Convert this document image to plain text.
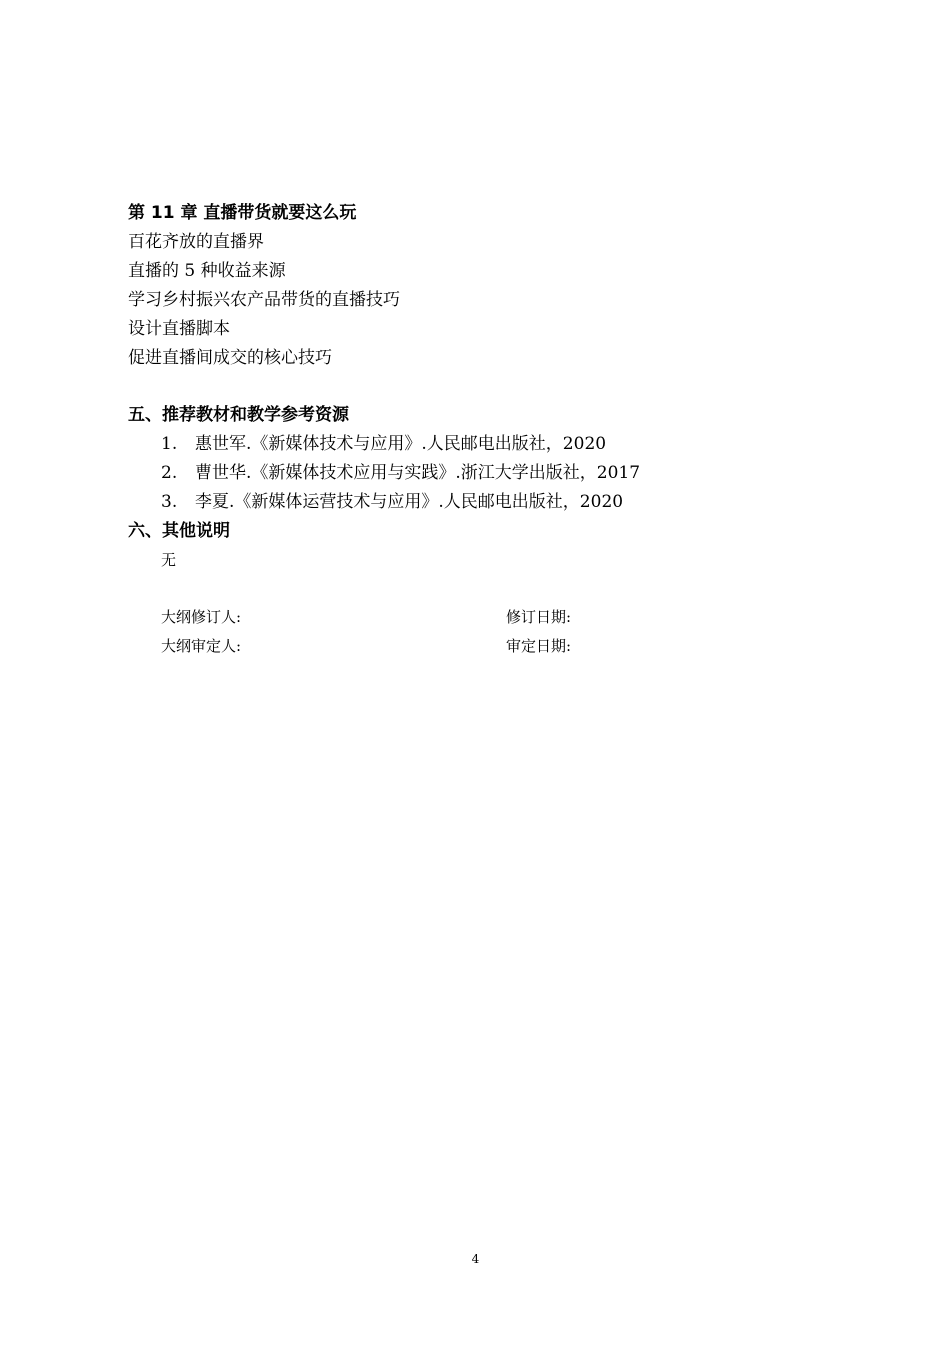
第 11 章 直播带货就要这么玩
百花齐放的直播界
直播的 5 种收益来源
学习乡村振兴农产品带货的直播技巧
设计直播脚本
促进直播间成交的核心技巧
五、推荐教材和教学参考资源
1. 惠世军.《新媒体技术与应用》.人民邮电出版社，2020
2. 曹世华.《新媒体技术应用与实践》.浙江大学出版社，2017
3. 李夏.《新媒体运营技术与应用》.人民邮电出版社，2020
六、其他说明
无
大纲修订人:	修订日期:
大纲审定人:	审定日期:
4
